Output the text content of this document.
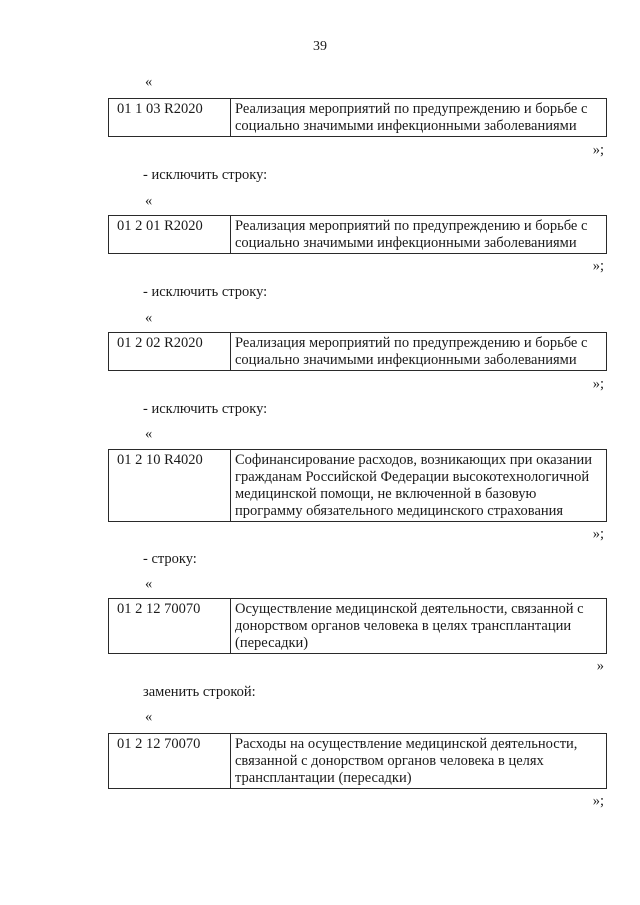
39
«
01 1 03 R2020	Реализация мероприятий по предупреждению и борьбе с социально значимыми инфекционными заболеваниями
»;
- исключить строку:
«
01 2 01 R2020	Реализация мероприятий по предупреждению и борьбе с социально значимыми инфекционными заболеваниями
»;
- исключить строку:
«
01 2 02 R2020	Реализация мероприятий по предупреждению и борьбе с социально значимыми инфекционными заболеваниями
»;
- исключить строку:
«
01 2 10 R4020	Софинансирование расходов, возникающих при оказании гражданам Российской Федерации высокотехнологичной медицинской помощи, не включенной в базовую программу обязательного медицинского страхования
»;
- строку:
«
01 2 12 70070	Осуществление медицинской деятельности, связанной с донорством органов человека в целях трансплантации (пересадки)
»
заменить строкой:
«
01 2 12 70070	Расходы на осуществление медицинской деятельности, связанной с донорством органов человека в целях трансплантации (пересадки)
»;
